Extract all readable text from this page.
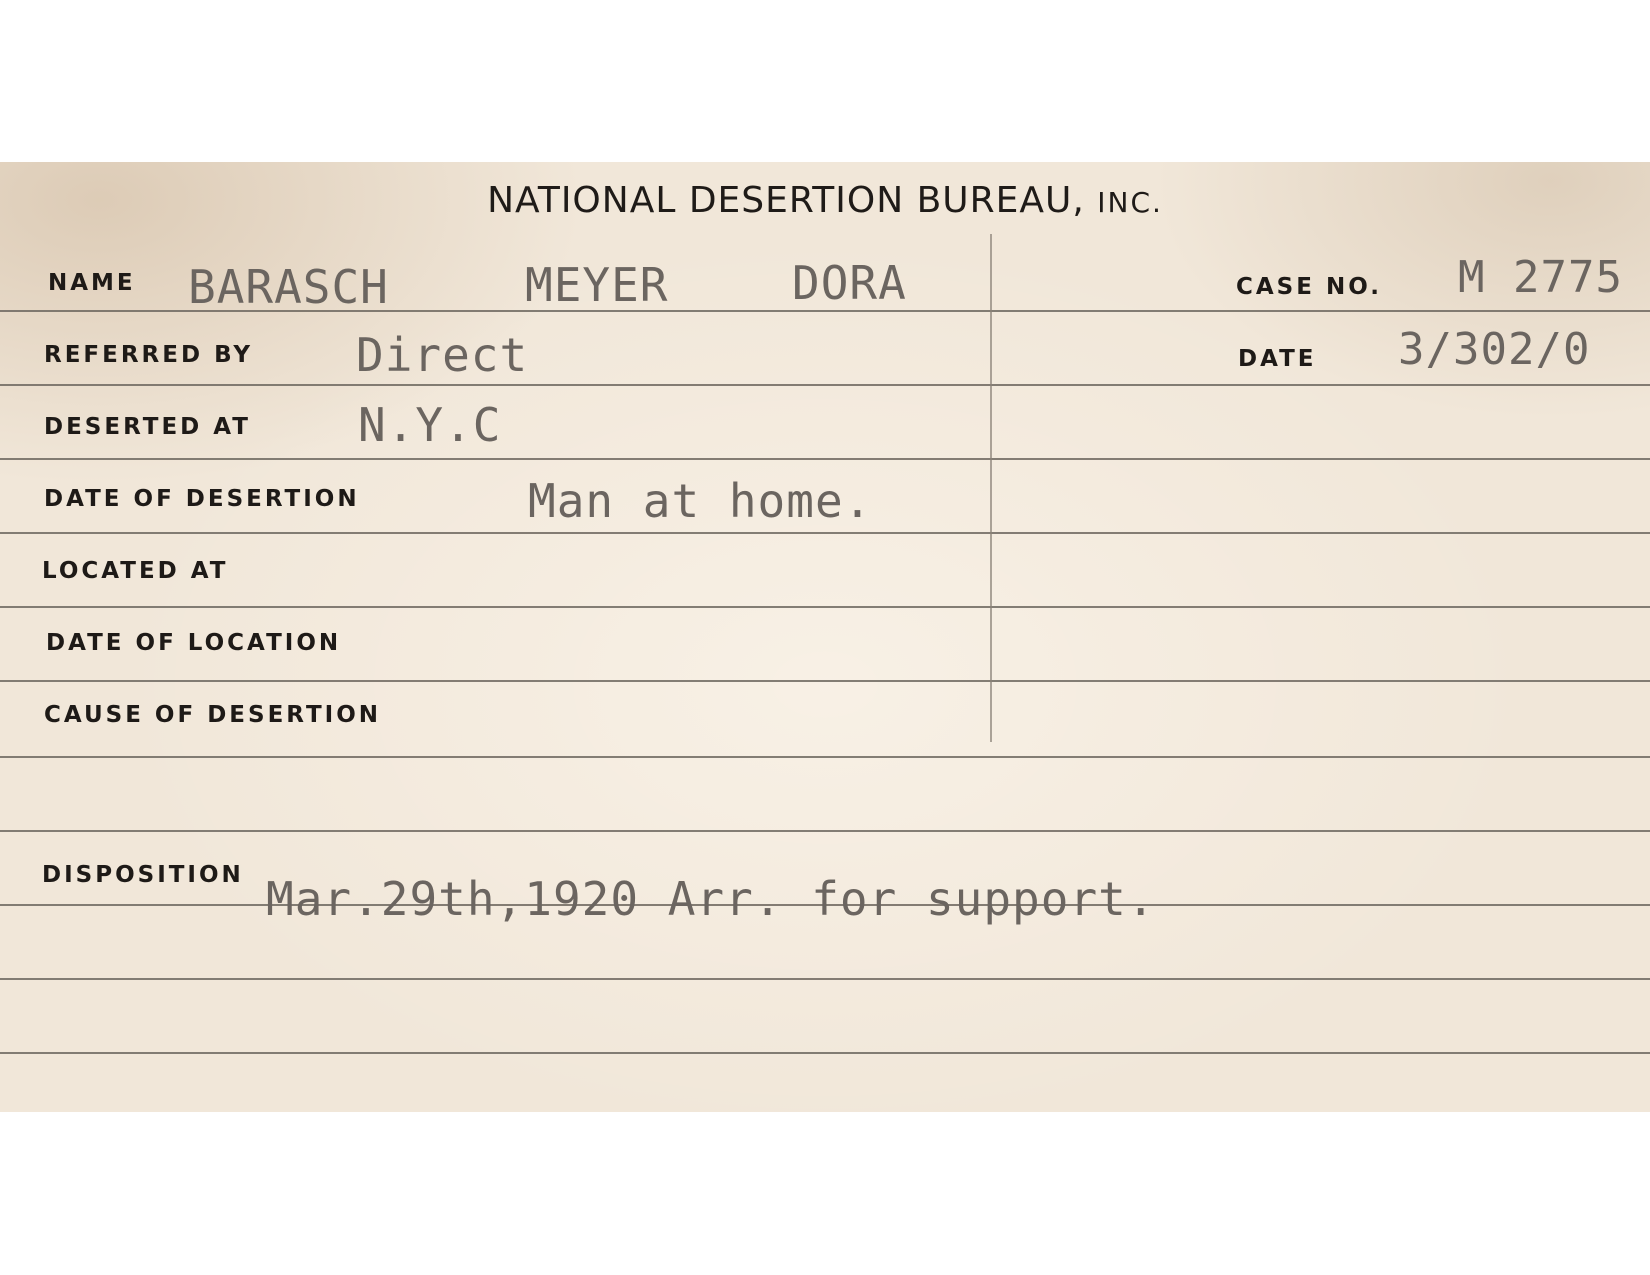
NATIONAL DESERTION BUREAU, INC.
NAME BARASCH	MEYER	DORA	CASE NO. M 2775
REFERRED BY Direct	DATE 3/302/0
DESERTED AT N.Y.C
DATE OF DESERTION	Man at home.
LOCATED AT
DATE OF LOCATION
CAUSE OF DESERTION
DISPOSITION Mar.29th,1920 Arr. for support.
